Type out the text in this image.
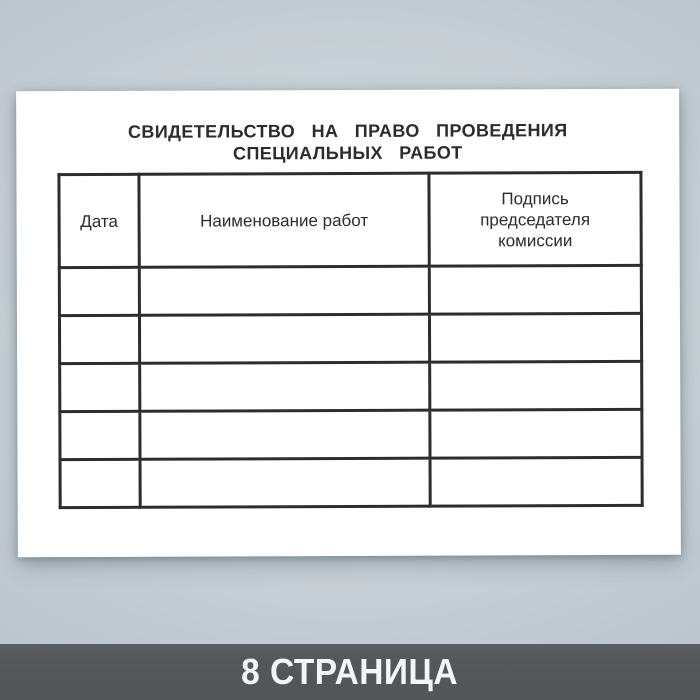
СВИДЕТЕЛЬСТВО НА ПРАВО ПРОВЕДЕНИЯ
СПЕЦИАЛЬНЫХ РАБОТ
Дата	Наименование работ	Подпись
председателя
комиссии

8 СТРАНИЦА
